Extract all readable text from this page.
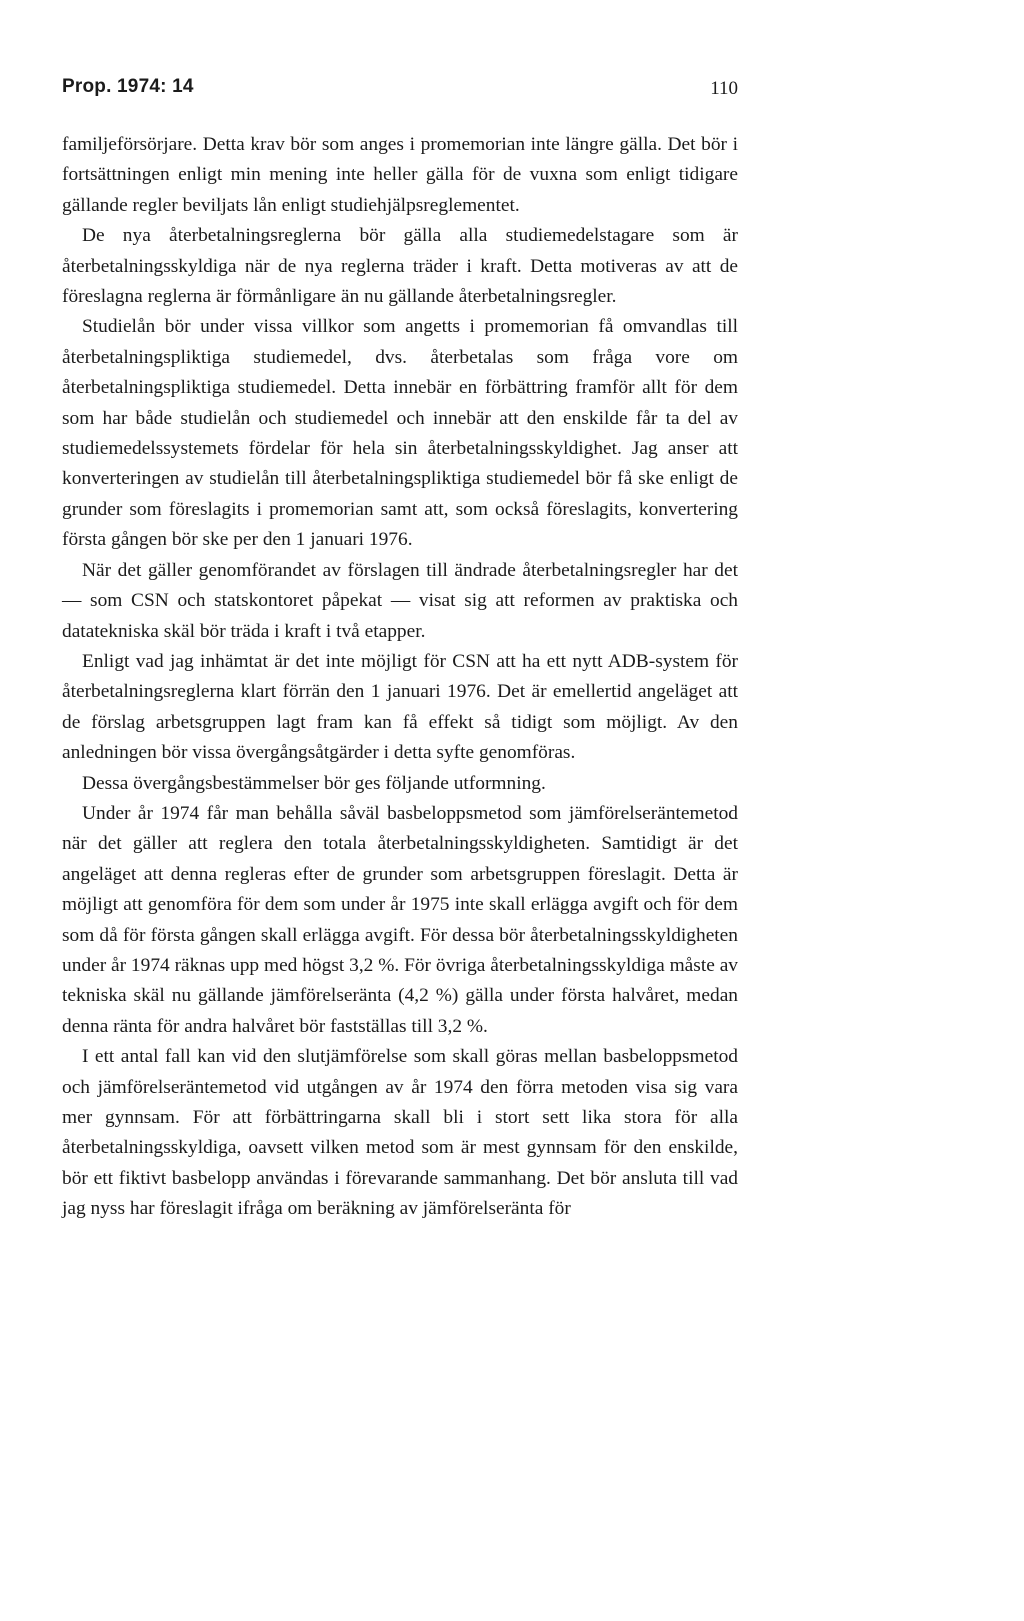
Prop. 1974: 14	110

familjeförsörjare. Detta krav bör som anges i promemorian inte längre gälla. Det bör i fortsättningen enligt min mening inte heller gälla för de vuxna som enligt tidigare gällande regler beviljats lån enligt studiehjälpsreglementet.

De nya återbetalningsreglerna bör gälla alla studiemedelstagare som är återbetalningsskyldiga när de nya reglerna träder i kraft. Detta motiveras av att de föreslagna reglerna är förmånligare än nu gällande återbetalningsregler.

Studielån bör under vissa villkor som angetts i promemorian få omvandlas till återbetalningspliktiga studiemedel, dvs. återbetalas som fråga vore om återbetalningspliktiga studiemedel. Detta innebär en förbättring framför allt för dem som har både studielån och studiemedel och innebär att den enskilde får ta del av studiemedelssystemets fördelar för hela sin återbetalningsskyldighet. Jag anser att konverteringen av studielån till återbetalningspliktiga studiemedel bör få ske enligt de grunder som föreslagits i promemorian samt att, som också föreslagits, konvertering första gången bör ske per den 1 januari 1976.

När det gäller genomförandet av förslagen till ändrade återbetalningsregler har det — som CSN och statskontoret påpekat — visat sig att reformen av praktiska och datatekniska skäl bör träda i kraft i två etapper.

Enligt vad jag inhämtat är det inte möjligt för CSN att ha ett nytt ADB-system för återbetalningsreglerna klart förrän den 1 januari 1976. Det är emellertid angeläget att de förslag arbetsgruppen lagt fram kan få effekt så tidigt som möjligt. Av den anledningen bör vissa övergångsåtgärder i detta syfte genomföras.

Dessa övergångsbestämmelser bör ges följande utformning.

Under år 1974 får man behålla såväl basbeloppsmetod som jämförelseräntemetod när det gäller att reglera den totala återbetalningsskyldigheten. Samtidigt är det angeläget att denna regleras efter de grunder som arbetsgruppen föreslagit. Detta är möjligt att genomföra för dem som under år 1975 inte skall erlägga avgift och för dem som då för första gången skall erlägga avgift. För dessa bör återbetalningsskyldigheten under år 1974 räknas upp med högst 3,2 %. För övriga återbetalningsskyldiga måste av tekniska skäl nu gällande jämförelseränta (4,2 %) gälla under första halvåret, medan denna ränta för andra halvåret bör fastställas till 3,2 %.

I ett antal fall kan vid den slutjämförelse som skall göras mellan basbeloppsmetod och jämförelseräntemetod vid utgången av år 1974 den förra metoden visa sig vara mer gynnsam. För att förbättringarna skall bli i stort sett lika stora för alla återbetalningsskyldiga, oavsett vilken metod som är mest gynnsam för den enskilde, bör ett fiktivt basbelopp användas i förevarande sammanhang. Det bör ansluta till vad jag nyss har föreslagit ifråga om beräkning av jämförelseränta för
